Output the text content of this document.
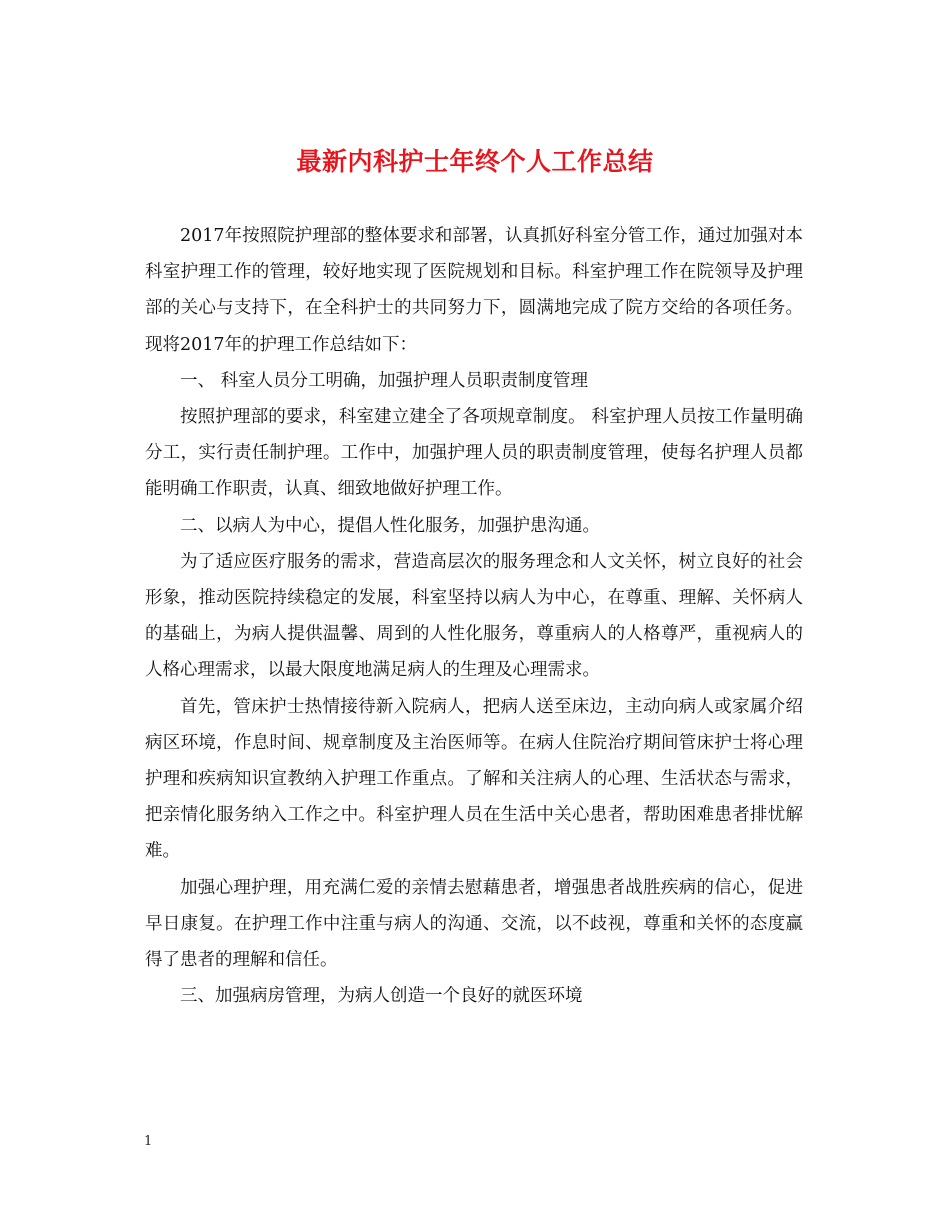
最新内科护士年终个人工作总结

2017年按照院护理部的整体要求和部署，认真抓好科室分管工作，通过加强对本科室护理工作的管理，较好地实现了医院规划和目标。科室护理工作在院领导及护理部的关心与支持下，在全科护士的共同努力下，圆满地完成了院方交给的各项任务。现将2017年的护理工作总结如下：

一、 科室人员分工明确，加强护理人员职责制度管理

按照护理部的要求，科室建立建全了各项规章制度。 科室护理人员按工作量明确分工，实行责任制护理。工作中，加强护理人员的职责制度管理，使每名护理人员都能明确工作职责，认真、细致地做好护理工作。

二、以病人为中心，提倡人性化服务，加强护患沟通。

为了适应医疗服务的需求，营造高层次的服务理念和人文关怀，树立良好的社会形象，推动医院持续稳定的发展，科室坚持以病人为中心，在尊重、理解、关怀病人的基础上，为病人提供温馨、周到的人性化服务，尊重病人的人格尊严，重视病人的人格心理需求，以最大限度地满足病人的生理及心理需求。

首先，管床护士热情接待新入院病人，把病人送至床边，主动向病人或家属介绍病区环境，作息时间、规章制度及主治医师等。在病人住院治疗期间管床护士将心理护理和疾病知识宣教纳入护理工作重点。了解和关注病人的心理、生活状态与需求，把亲情化服务纳入工作之中。科室护理人员在生活中关心患者，帮助困难患者排忧解难。

加强心理护理，用充满仁爱的亲情去慰藉患者，增强患者战胜疾病的信心，促进早日康复。在护理工作中注重与病人的沟通、交流，以不歧视，尊重和关怀的态度赢得了患者的理解和信任。

三、加强病房管理，为病人创造一个良好的就医环境

1
